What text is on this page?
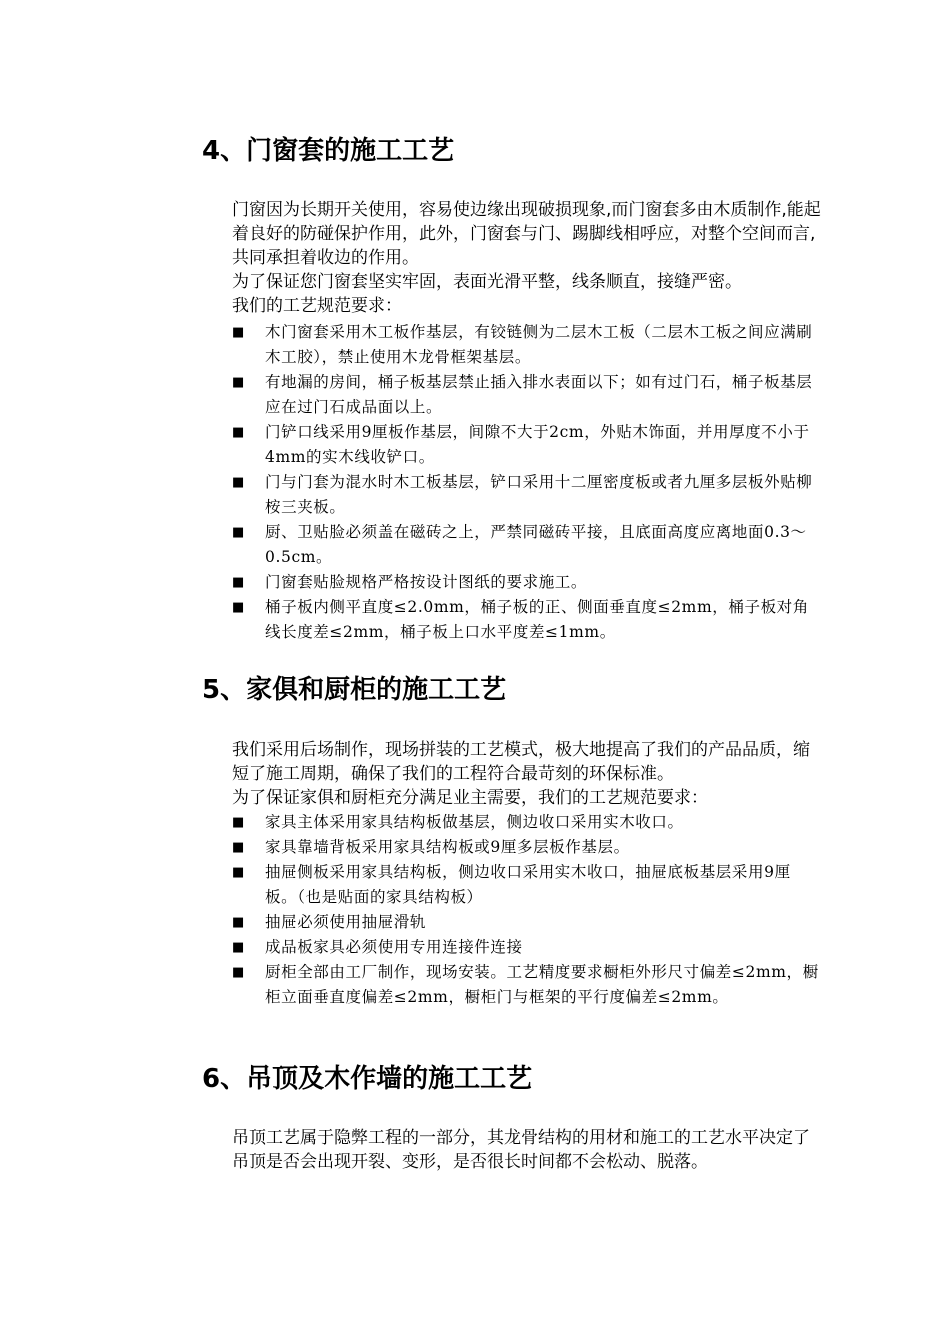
4、门窗套的施工工艺

门窗因为长期开关使用，容易使边缘出现破损现象,而门窗套多由木质制作,能起着良好的防碰保护作用，此外，门窗套与门、踢脚线相呼应，对整个空间而言,共同承担着收边的作用。

为了保证您门窗套坚实牢固，表面光滑平整，线条顺直，接缝严密。

我们的工艺规范要求：

■ 木门窗套采用木工板作基层，有铰链侧为二层木工板（二层木工板之间应满刷木工胶），禁止使用木龙骨框架基层。
■ 有地漏的房间，桶子板基层禁止插入排水表面以下；如有过门石，桶子板基层应在过门石成品面以上。
■ 门铲口线采用9厘板作基层，间隙不大于2cm，外贴木饰面，并用厚度不小于4mm的实木线收铲口。
■ 门与门套为混水时木工板基层，铲口采用十二厘密度板或者九厘多层板外贴柳桉三夹板。
■ 厨、卫贴脸必须盖在磁砖之上，严禁同磁砖平接，且底面高度应离地面0.3～0.5cm。
■ 门窗套贴脸规格严格按设计图纸的要求施工。
■ 桶子板内侧平直度≤2.0mm，桶子板的正、侧面垂直度≤2mm，桶子板对角线长度差≤2mm，桶子板上口水平度差≤1mm。
5、家俱和厨柜的施工工艺

我们采用后场制作，现场拼装的工艺模式，极大地提高了我们的产品品质，缩短了施工周期，确保了我们的工程符合最苛刻的环保标准。

为了保证家俱和厨柜充分满足业主需要，我们的工艺规范要求：

■ 家具主体采用家具结构板做基层，侧边收口采用实木收口。
■ 家具靠墙背板采用家具结构板或9厘多层板作基层。
■ 抽屉侧板采用家具结构板，侧边收口采用实木收口，抽屉底板基层采用9厘板。（也是贴面的家具结构板）
■ 抽屉必须使用抽屉滑轨
■ 成品板家具必须使用专用连接件连接
■ 厨柜全部由工厂制作，现场安装。工艺精度要求橱柜外形尺寸偏差≤2mm，橱柜立面垂直度偏差≤2mm，橱柜门与框架的平行度偏差≤2mm。
6、吊顶及木作墙的施工工艺

吊顶工艺属于隐弊工程的一部分，其龙骨结构的用材和施工的工艺水平决定了吊顶是否会出现开裂、变形，是否很长时间都不会松动、脱落。
